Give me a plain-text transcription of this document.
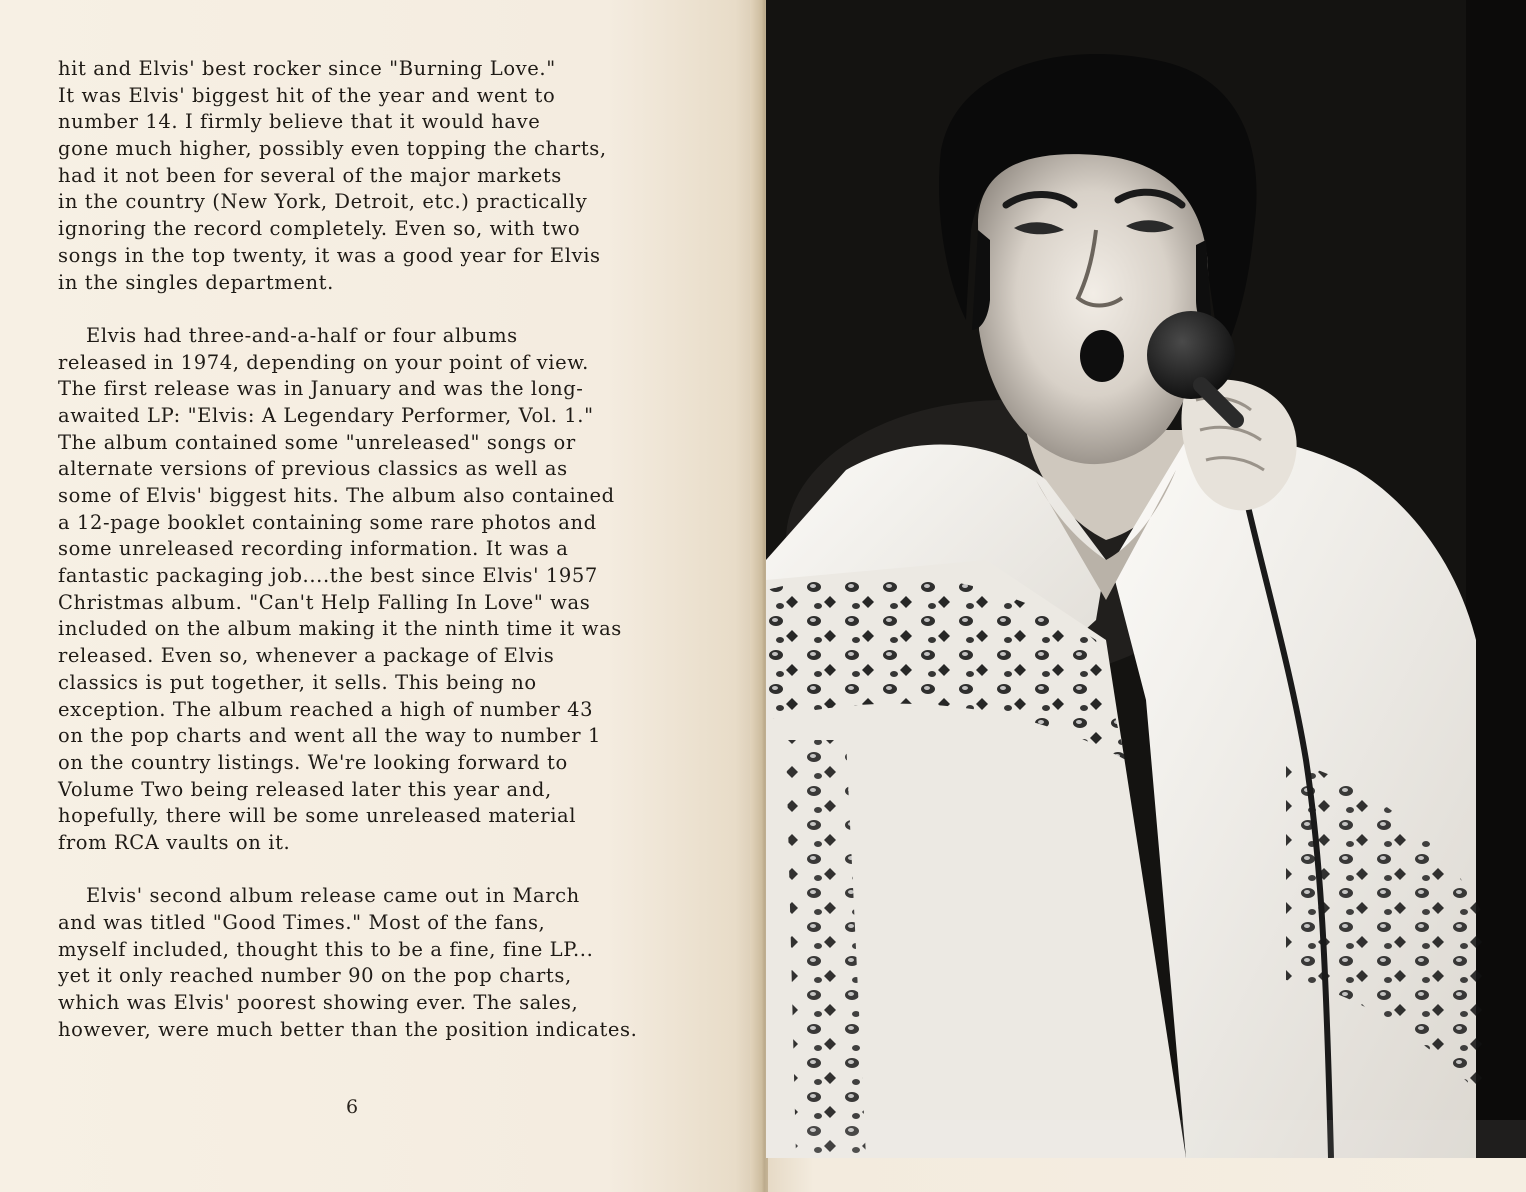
hit and Elvis' best rocker since "Burning Love."
It was Elvis' biggest hit of the year and went to
number 14. I firmly believe that it would have
gone much higher, possibly even topping the charts,
had it not been for several of the major markets
in the country (New York, Detroit, etc.) practically
ignoring the record completely. Even so, with two
songs in the top twenty, it was a good year for Elvis
in the singles department.
Elvis had three-and-a-half or four albums
released in 1974, depending on your point of view.
The first release was in January and was the long-
awaited LP: "Elvis: A Legendary Performer, Vol. 1."
The album contained some "unreleased" songs or
alternate versions of previous classics as well as
some of Elvis' biggest hits. The album also contained
a 12-page booklet containing some rare photos and
some unreleased recording information. It was a
fantastic packaging job....the best since Elvis' 1957
Christmas album. "Can't Help Falling In Love" was
included on the album making it the ninth time it was
released. Even so, whenever a package of Elvis
classics is put together, it sells. This being no
exception. The album reached a high of number 43
on the pop charts and went all the way to number 1
on the country listings. We're looking forward to
Volume Two being released later this year and,
hopefully, there will be some unreleased material
from RCA vaults on it.
Elvis' second album release came out in March
and was titled "Good Times." Most of the fans,
myself included, thought this to be a fine, fine LP...
yet it only reached number 90 on the pop charts,
which was Elvis' poorest showing ever. The sales,
however, were much better than the position indicates.
6
